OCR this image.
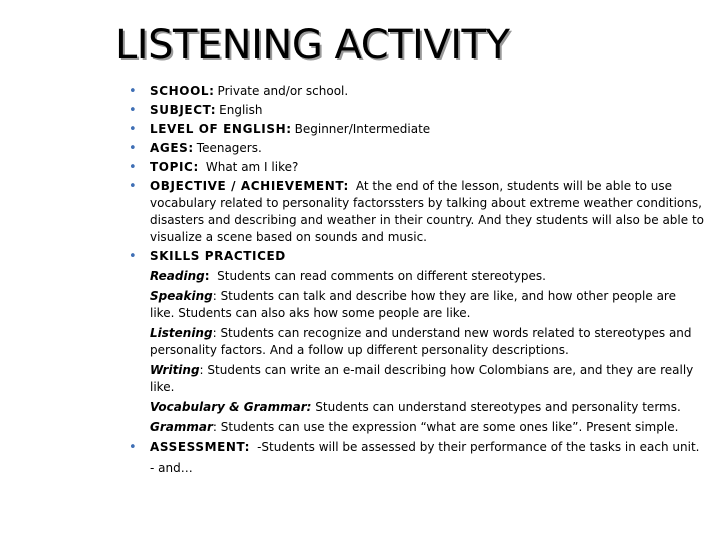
LISTENING ACTIVITY
• SCHOOL: Private and/or school.
• SUBJECT: English
• LEVEL OF ENGLISH: Beginner/Intermediate
• AGES: Teenagers.
• TOPIC: What am I like?
• OBJECTIVE / ACHIEVEMENT: At the end of the lesson, students will be able to use vocabulary related to personality factorssters by talking about extreme weather conditions, disasters and describing and weather in their country. And they students will also be able to visualize a scene based on sounds and music.
• SKILLS PRACTICED
Reading:  Students can read comments on different stereotypes.
Speaking: Students can talk and describe how they are like, and how other people are like. Students can also aks how some people are like.
Listening: Students can recognize and understand new words related to stereotypes and personality factors. And a follow up different personality descriptions.
Writing: Students can write an e-mail describing how Colombians are, and they are really like.
Vocabulary & Grammar: Students can understand stereotypes and personality terms.
Grammar: Students can use the expression “what are some ones like”. Present simple.
• ASSESSMENT: -Students will be assessed by their performance of the tasks in each unit.
- and…
